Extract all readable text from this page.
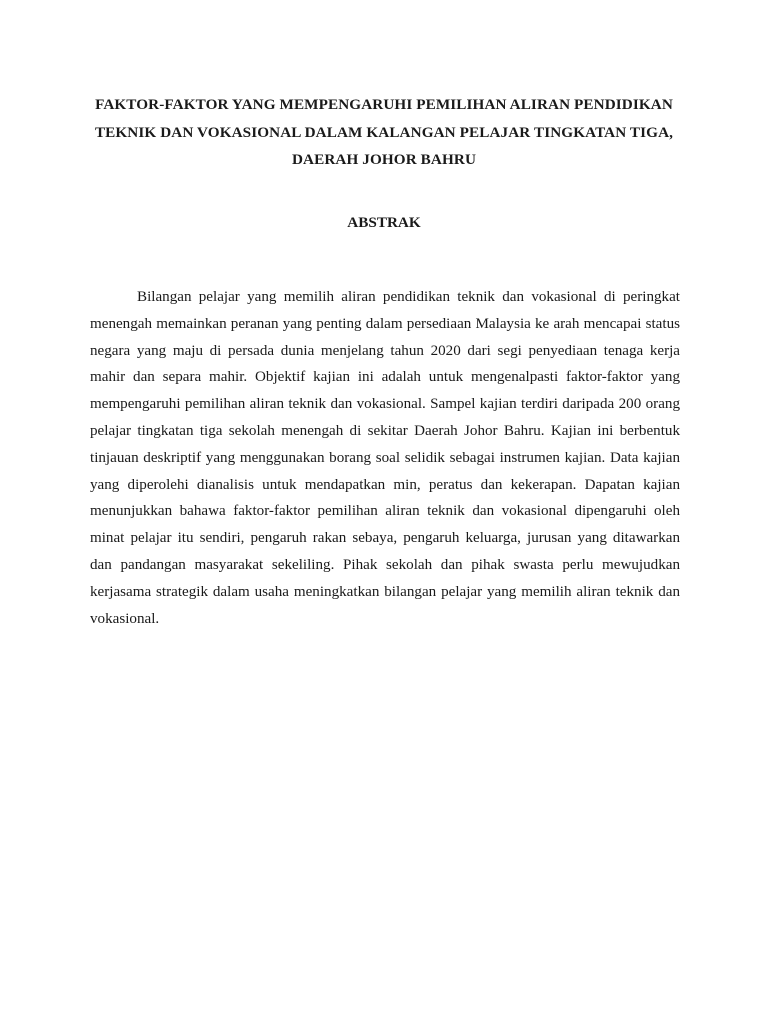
FAKTOR-FAKTOR YANG MEMPENGARUHI PEMILIHAN ALIRAN PENDIDIKAN
TEKNIK DAN VOKASIONAL DALAM KALANGAN PELAJAR TINGKATAN TIGA,
DAERAH JOHOR BAHRU
ABSTRAK
Bilangan pelajar yang memilih aliran pendidikan teknik dan vokasional di peringkat
menengah memainkan peranan yang penting dalam persediaan Malaysia ke arah mencapai status
negara yang maju di persada dunia menjelang tahun 2020 dari segi penyediaan tenaga kerja
mahir dan separa mahir. Objektif kajian ini adalah untuk mengenalpasti faktor-faktor yang
mempengaruhi pemilihan aliran teknik dan vokasional. Sampel kajian terdiri daripada 200 orang
pelajar tingkatan tiga sekolah menengah di sekitar Daerah Johor Bahru. Kajian ini berbentuk
tinjauan deskriptif yang menggunakan borang soal selidik sebagai instrumen kajian. Data kajian
yang diperolehi dianalisis untuk mendapatkan min, peratus dan kekerapan. Dapatan kajian
menunjukkan bahawa faktor-faktor pemilihan aliran teknik dan vokasional dipengaruhi oleh
minat pelajar itu sendiri, pengaruh rakan sebaya, pengaruh keluarga, jurusan yang ditawarkan
dan pandangan masyarakat sekeliling. Pihak sekolah dan pihak swasta perlu mewujudkan
kerjasama strategik dalam usaha meningkatkan bilangan pelajar yang memilih aliran teknik dan
vokasional.
